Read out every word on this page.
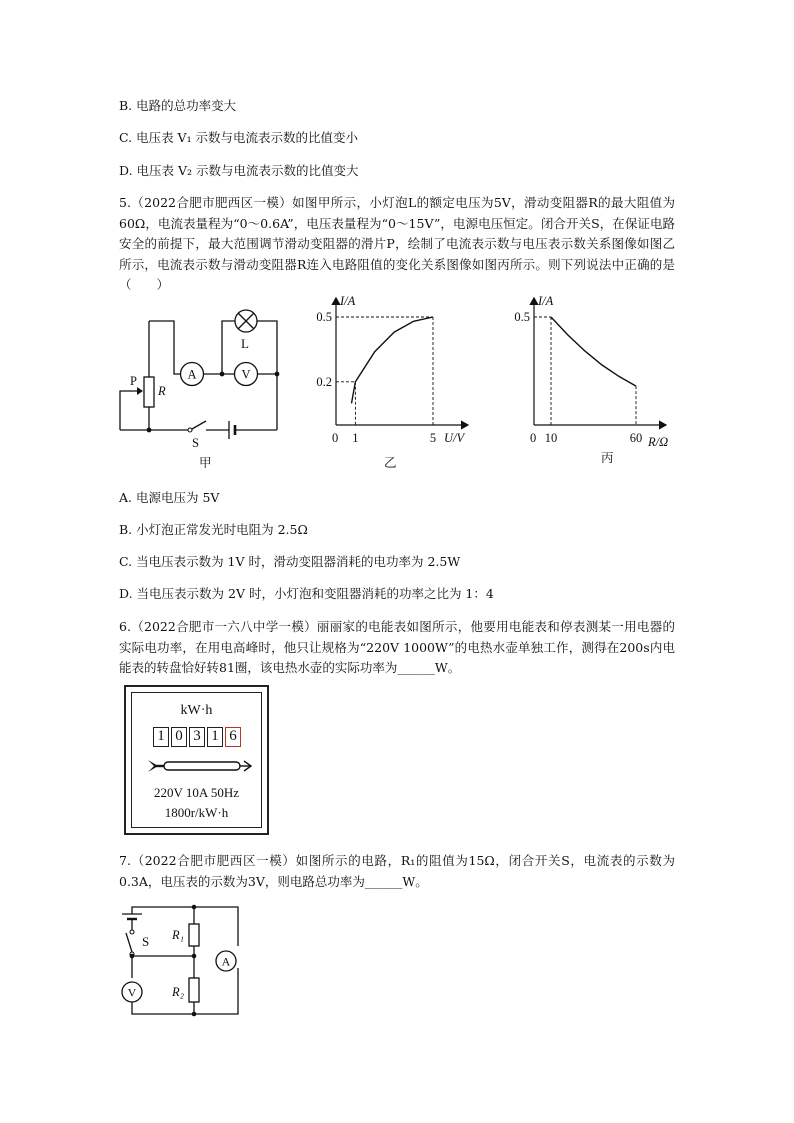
B. 电路的总功率变大
C. 电压表 V₁ 示数与电流表示数的比值变小
D. 电压表 V₂ 示数与电流表示数的比值变大
5.（2022合肥市肥西区一模）如图甲所示，小灯泡L的额定电压为5V，滑动变阻器R的最大阻值为60Ω，电流表量程为“0～0.6A”，电压表量程为“0～15V”，电源电压恒定。闭合开关S，在保证电路安全的前提下，最大范围调节滑动变阻器的滑片P，绘制了电流表示数与电压表示数关系图像如图乙所示，电流表示数与滑动变阻器R连入电路阻值的变化关系图像如图丙所示。则下列说法中正确的是（　　）
L
A	V
P
R
S
甲
1	5
0.2
0.5
I/A
U/V
0
乙
10	60
0.5
I/A
R/Ω
0
丙
A. 电源电压为 5V
B. 小灯泡正常发光时电阻为 2.5Ω
C. 当电压表示数为 1V 时，滑动变阻器消耗的电功率为 2.5W
D. 当电压表示数为 2V 时，小灯泡和变阻器消耗的功率之比为 1：4
6.（2022合肥市一六八中学一模）丽丽家的电能表如图所示，他要用电能表和停表测某一用电器的实际电功率，在用电高峰时，他只让规格为“220V 1000W”的电热水壶单独工作，测得在200s内电能表的转盘恰好转81圈，该电热水壶的实际功率为______W。
kW·h
1 0 3 1 6
220V 10A 50Hz
1800r/kW·h
7.（2022合肥市肥西区一模）如图所示的电路，R₁的阻值为15Ω，闭合开关S，电流表的示数为0.3A，电压表的示数为3V，则电路总功率为______W。
S R₁
R₂
A
V
